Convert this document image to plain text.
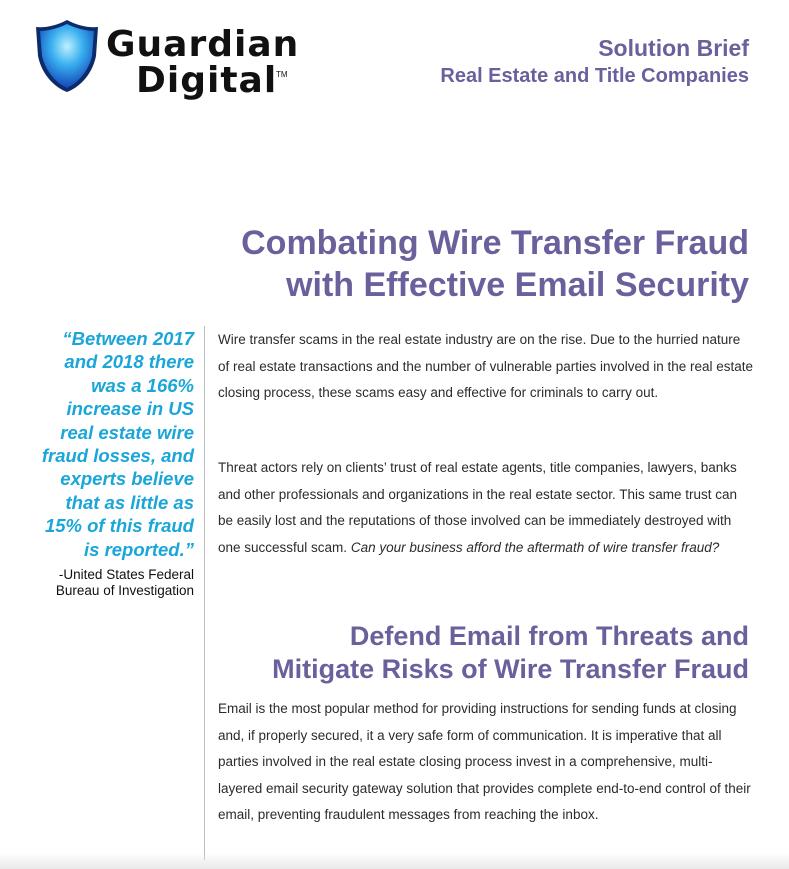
Guardian
Digital
TM
Solution Brief
Real Estate and Title Companies
Combating Wire Transfer Fraud
with Effective Email Security
“Between 2017 and 2018 there was a 166% increase in US real estate wire fraud losses, and experts believe that as little as 15% of this fraud is reported.”
-United States Federal Bureau of Investigation

Wire transfer scams in the real estate industry are on the rise. Due to the hurried nature of real estate transactions and the number of vulnerable parties involved in the real estate closing process, these scams easy and effective for criminals to carry out.

Threat actors rely on clients’ trust of real estate agents, title companies, lawyers, banks and other professionals and organizations in the real estate sector. This same trust can be easily lost and the reputations of those involved can be immediately destroyed with one successful scam. Can your business afford the aftermath of wire transfer fraud?

Defend Email from Threats and
Mitigate Risks of Wire Transfer Fraud

Email is the most popular method for providing instructions for sending funds at closing and, if properly secured, it a very safe form of communication. It is imperative that all parties involved in the real estate closing process invest in a comprehensive, multi-layered email security gateway solution that provides complete end-to-end control of their email, preventing fraudulent messages from reaching the inbox.
